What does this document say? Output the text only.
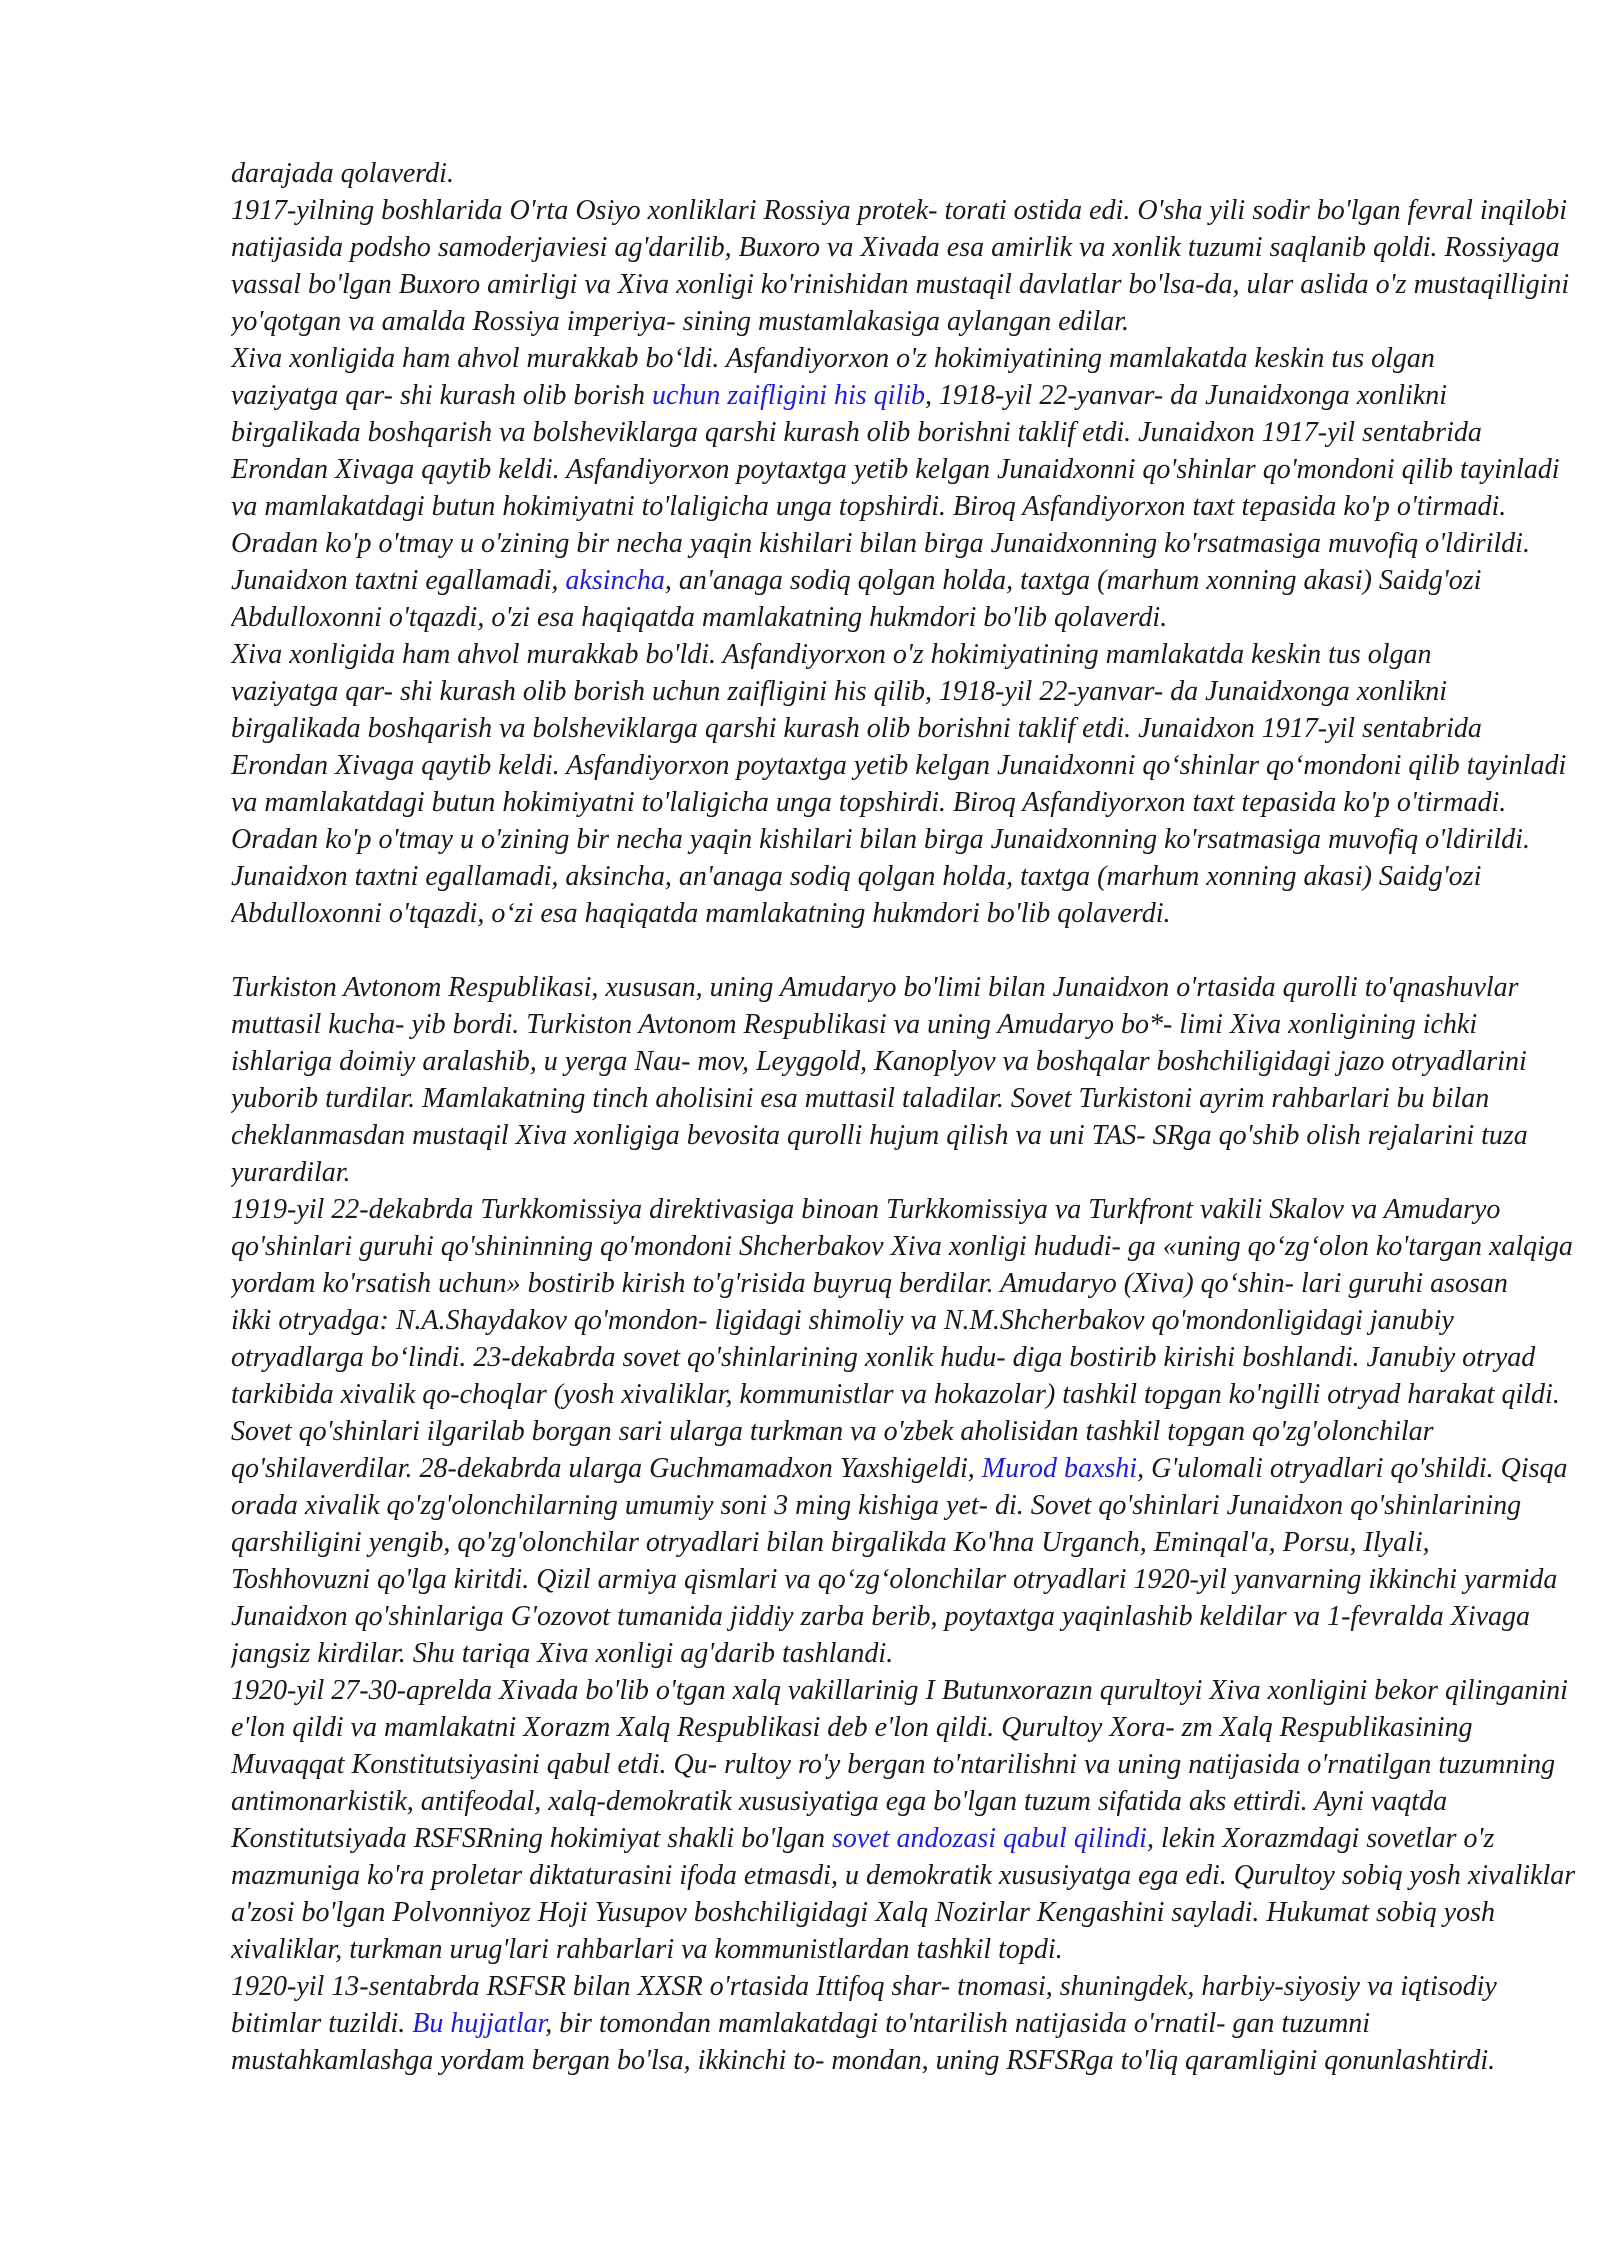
darajada qolaverdi.
1917-yilning boshlarida O'rta Osiyo xonliklari Rossiya protek- torati ostida edi. O'sha yili sodir bo'lgan fevral inqilobi
natijasida podsho samoderjaviesi ag'darilib, Buxoro va Xivada esa amirlik va xonlik tuzumi saqlanib qoldi. Rossiyaga
vassal bo'lgan Buxoro amirligi va Xiva xonligi ko'rinishidan mustaqil davlatlar bo'lsa-da, ular aslida o'z mustaqilligini
yo'qotgan va amalda Rossiya imperiya- sining mustamlakasiga aylangan edilar.
Xiva xonligida ham ahvol murakkab bo‘ldi. Asfandiyorxon o'z hokimiyatining mamlakatda keskin tus olgan
vaziyatga qar- shi kurash olib borish uchun zaifligini his qilib, 1918-yil 22-yanvar- da Junaidxonga xonlikni
birgalikada boshqarish va bolsheviklarga qarshi kurash olib borishni taklif etdi. Junaidxon 1917-yil sentabrida
Erondan Xivaga qaytib keldi. Asfandiyorxon poytaxtga yetib kelgan Junaidxonni qo'shinlar qo'mondoni qilib tayinladi
va mamlakatdagi butun hokimiyatni to'laligicha unga topshirdi. Biroq Asfandiyorxon taxt tepasida ko'p o'tirmadi.
Oradan ko'p o'tmay u o'zining bir necha yaqin kishilari bilan birga Junaidxonning ko'rsatmasiga muvofiq o'ldirildi.
Junaidxon taxtni egallamadi, aksincha, an'anaga sodiq qolgan holda, taxtga (marhum xonning akasi) Saidg'ozi
Abdulloxonni o'tqazdi, o'zi esa haqiqatda mamlakatning hukmdori bo'lib qolaverdi.
Xiva xonligida ham ahvol murakkab bo'ldi. Asfandiyorxon o'z hokimiyatining mamlakatda keskin tus olgan
vaziyatga qar- shi kurash olib borish uchun zaifligini his qilib, 1918-yil 22-yanvar- da Junaidxonga xonlikni
birgalikada boshqarish va bolsheviklarga qarshi kurash olib borishni taklif etdi. Junaidxon 1917-yil sentabrida
Erondan Xivaga qaytib keldi. Asfandiyorxon poytaxtga yetib kelgan Junaidxonni qo‘shinlar qo‘mondoni qilib tayinladi
va mamlakatdagi butun hokimiyatni to'laligicha unga topshirdi. Biroq Asfandiyorxon taxt tepasida ko'p o'tirmadi.
Oradan ko'p o'tmay u o'zining bir necha yaqin kishilari bilan birga Junaidxonning ko'rsatmasiga muvofiq o'ldirildi.
Junaidxon taxtni egallamadi, aksincha, an'anaga sodiq qolgan holda, taxtga (marhum xonning akasi) Saidg'ozi
Abdulloxonni o'tqazdi, o‘zi esa haqiqatda mamlakatning hukmdori bo'lib qolaverdi.
Turkiston Avtonom Respublikasi, xususan, uning Amudaryo bo'limi bilan Junaidxon o'rtasida qurolli to'qnashuvlar
muttasil kucha- yib bordi. Turkiston Avtonom Respublikasi va uning Amudaryo bo*- limi Xiva xonligining ichki
ishlariga doimiy aralashib, u yerga Nau- mov, Leyggold, Kanoplyov va boshqalar boshchiligidagi jazo otryadlarini
yuborib turdilar. Mamlakatning tinch aholisini esa muttasil taladilar. Sovet Turkistoni ayrim rahbarlari bu bilan
cheklanmasdan mustaqil Xiva xonligiga bevosita qurolli hujum qilish va uni TAS- SRga qo'shib olish rejalarini tuza
yurardilar.
1919-yil 22-dekabrda Turkkomissiya direktivasiga binoan Turkkomissiya va Turkfront vakili Skalov va Amudaryo
qo'shinlari guruhi qo'shininning qo'mondoni Shcherbakov Xiva xonligi hududi- ga «uning qo‘zg‘olon ko'targan xalqiga
yordam ko'rsatish uchun» bostirib kirish to'g'risida buyruq berdilar. Amudaryo (Xiva) qo‘shin- lari guruhi asosan
ikki otryadga: N.A.Shaydakov qo'mondon- ligidagi shimoliy va N.M.Shcherbakov qo'mondonligidagi janubiy
otryadlarga bo‘lindi. 23-dekabrda sovet qo'shinlarining xonlik hudu- diga bostirib kirishi boshlandi. Janubiy otryad
tarkibida xivalik qo-choqlar (yosh xivaliklar, kommunistlar va hokazolar) tashkil topgan ko'ngilli otryad harakat qildi.
Sovet qo'shinlari ilgarilab borgan sari ularga turkman va o'zbek aholisidan tashkil topgan qo'zg'olonchilar
qo'shilaverdilar. 28-dekabrda ularga Guchmamadxon Yaxshigeldi, Murod baxshi, G'ulomali otryadlari qo'shildi. Qisqa
orada xivalik qo'zg'olonchilarning umumiy soni 3 ming kishiga yet- di. Sovet qo'shinlari Junaidxon qo'shinlarining
qarshiligini yengib, qo'zg'olonchilar otryadlari bilan birgalikda Ko'hna Urganch, Eminqal'a, Porsu, Ilyali,
Toshhovuzni qo'lga kiritdi. Qizil armiya qismlari va qo‘zg‘olonchilar otryadlari 1920-yil yanvarning ikkinchi yarmida
Junaidxon qo'shinlariga G'ozovot tumanida jiddiy zarba berib, poytaxtga yaqinlashib keldilar va 1-fevralda Xivaga
jangsiz kirdilar. Shu tariqa Xiva xonligi ag'darib tashlandi.
1920-yil 27-30-aprelda Xivada bo'lib o'tgan xalq vakillarinig I Butunxorazın qurultoyi Xiva xonligini bekor qilinganini
e'lon qildi va mamlakatni Xorazm Xalq Respublikasi deb e'lon qildi. Qurultoy Xora- zm Xalq Respublikasining
Muvaqqat Konstitutsiyasini qabul etdi. Qu- rultoy ro'y bergan to'ntarilishni va uning natijasida o'rnatilgan tuzumning
antimonarkistik, antifeodal, xalq-demokratik xususiyatiga ega bo'lgan tuzum sifatida aks ettirdi. Ayni vaqtda
Konstitutsiyada RSFSRning hokimiyat shakli bo'lgan sovet andozasi qabul qilindi, lekin Xorazmdagi sovetlar o'z
mazmuniga ko'ra proletar diktaturasini ifoda etmasdi, u demokratik xususiyatga ega edi. Qurultoy sobiq yosh xivaliklar
a'zosi bo'lgan Polvonniyoz Hoji Yusupov boshchiligidagi Xalq Nozirlar Kengashini sayladi. Hukumat sobiq yosh
xivaliklar, turkman urug'lari rahbarlari va kommunistlardan tashkil topdi.
1920-yil 13-sentabrda RSFSR bilan XXSR o'rtasida Ittifoq shar- tnomasi, shuningdek, harbiy-siyosiy va iqtisodiy
bitimlar tuzildi. Bu hujjatlar, bir tomondan mamlakatdagi to'ntarilish natijasida o'rnatil- gan tuzumni
mustahkamlashga yordam bergan bo'lsa, ikkinchi to- mondan, uning RSFSRga to'liq qaramligini qonunlashtirdi.
